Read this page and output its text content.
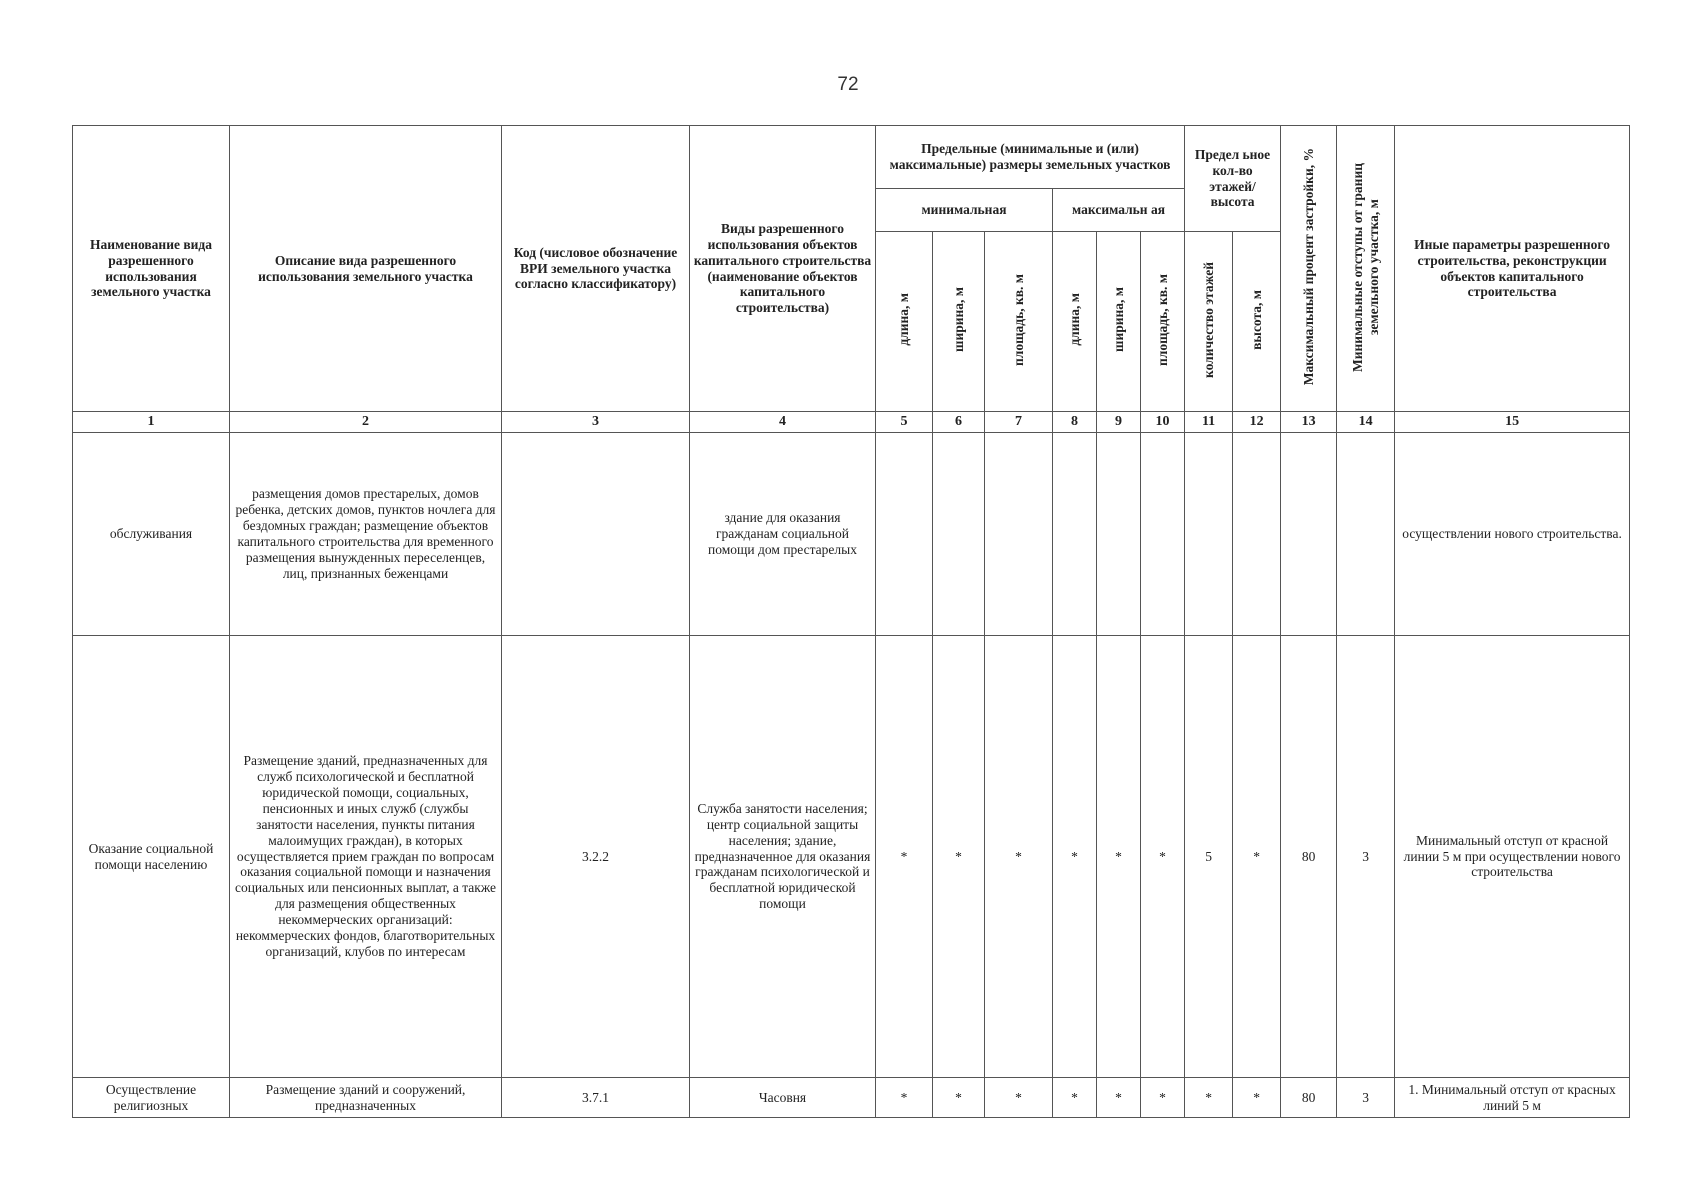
72
Наименование вида разрешенного использования земельного участка	Описание вида разрешенного использования земельного участка	Код (числовое обозначение ВРИ земельного участка согласно классификатору)	Виды разрешенного использования объектов капитального строительства (наименование объектов капитального строительства)	Предельные (минимальные и (или) максимальные) размеры земельных участков						Предел ьное кол-во этажей/ высота		Максимальный процент застройки, %	Минимальные отступы от границ земельного участка, м	Иные параметры разрешенного строительства, реконструкции объектов капитального строительства
				минимальная			максимальн ая							
				длина, м	ширина, м	площадь, кв. м	длина, м	ширина, м	площадь, кв. м	количество этажей	высота, м			
1	2	3	4	5	6	7	8	9	10	11	12	13	14	15
обслуживания	размещения домов престарелых, домов ребенка, детских домов, пунктов ночлега для бездомных граждан; размещение объектов капитального строительства для временного размещения вынужденных переселенцев, лиц, признанных беженцами		здание для оказания гражданам социальной помощи дом престарелых											осуществлении нового строительства.
Оказание социальной помощи населению	Размещение зданий, предназначенных для служб психологической и бесплатной юридической помощи, социальных, пенсионных и иных служб (службы занятости населения, пункты питания малоимущих граждан), в которых осуществляется прием граждан по вопросам оказания социальной помощи и назначения социальных или пенсионных выплат, а также для размещения общественных некоммерческих организаций: некоммерческих фондов, благотворительных организаций, клубов по интересам	3.2.2	Служба занятости населения; центр социальной защиты населения; здание, предназначенное для оказания гражданам психологической и бесплатной юридической помощи	*	*	*	*	*	*	5	*	80	3	Минимальный отступ от красной линии 5 м при осуществлении нового строительства
Осуществление религиозных	Размещение зданий и сооружений, предназначенных	3.7.1	Часовня	*	*	*	*	*	*	*	*	80	3	1. Минимальный отступ от красных линий 5 м
